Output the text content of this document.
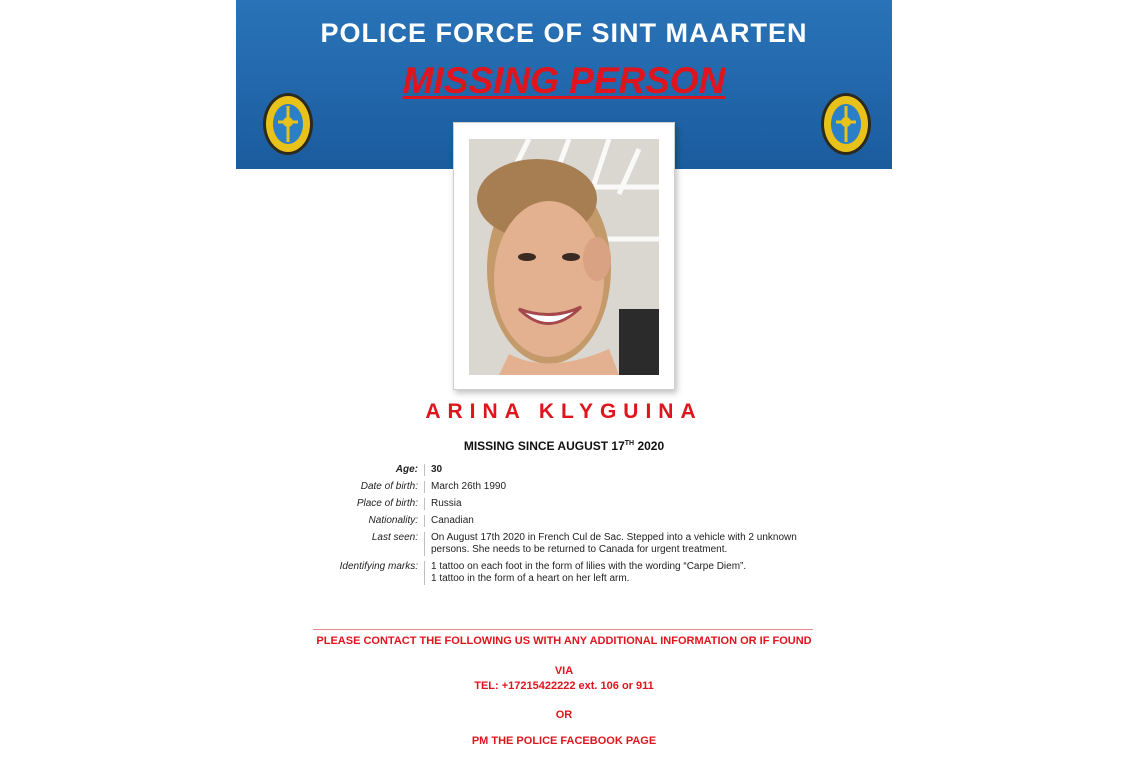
POLICE FORCE OF SINT MAARTEN
MISSING PERSON
ARINA KLYGUINA
MISSING SINCE AUGUST 17TH 2020
Age:	30
Date of birth:	March 26th 1990
Place of birth:	Russia
Nationality:	Canadian
Last seen:	On August 17th 2020 in French Cul de Sac. Stepped into a vehicle with 2 unknown persons. She needs to be returned to Canada for urgent treatment.
Identifying marks:	1 tattoo on each foot in the form of lilies with the wording “Carpe Diem”.
1 tattoo in the form of a heart on her left arm.
PLEASE CONTACT THE FOLLOWING US WITH ANY ADDITIONAL INFORMATION OR IF FOUND
VIA
TEL: +17215422222 ext. 106 or 911
OR
PM THE POLICE FACEBOOK PAGE
